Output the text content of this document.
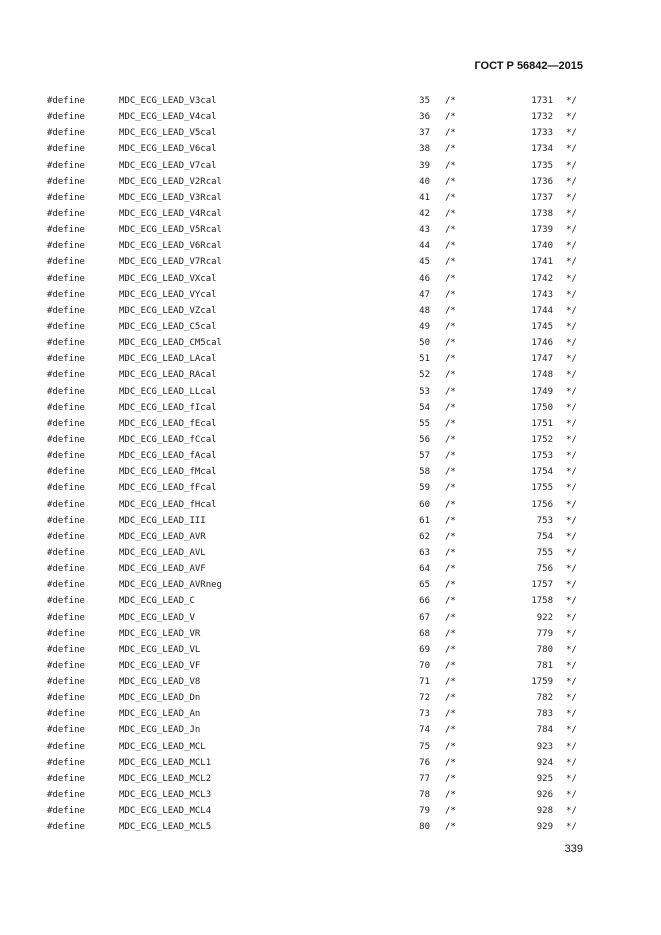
ГОСТ Р 56842—2015
#define	MDC_ECG_LEAD_V3cal	35 /*	1731 */
#define	MDC_ECG_LEAD_V4cal	36 /*	1732 */
#define	MDC_ECG_LEAD_V5cal	37 /*	1733 */
#define	MDC_ECG_LEAD_V6cal	38 /*	1734 */
#define	MDC_ECG_LEAD_V7cal	39 /*	1735 */
#define	MDC_ECG_LEAD_V2Rcal	40 /*	1736 */
#define	MDC_ECG_LEAD_V3Rcal	41 /*	1737 */
#define	MDC_ECG_LEAD_V4Rcal	42 /*	1738 */
#define	MDC_ECG_LEAD_V5Rcal	43 /*	1739 */
#define	MDC_ECG_LEAD_V6Rcal	44 /*	1740 */
#define	MDC_ECG_LEAD_V7Rcal	45 /*	1741 */
#define	MDC_ECG_LEAD_VXcal	46 /*	1742 */
#define	MDC_ECG_LEAD_VYcal	47 /*	1743 */
#define	MDC_ECG_LEAD_VZcal	48 /*	1744 */
#define	MDC_ECG_LEAD_C5cal	49 /*	1745 */
#define	MDC_ECG_LEAD_CM5cal	50 /*	1746 */
#define	MDC_ECG_LEAD_LAcal	51 /*	1747 */
#define	MDC_ECG_LEAD_RAcal	52 /*	1748 */
#define	MDC_ECG_LEAD_LLcal	53 /*	1749 */
#define	MDC_ECG_LEAD_fIcal	54 /*	1750 */
#define	MDC_ECG_LEAD_fEcal	55 /*	1751 */
#define	MDC_ECG_LEAD_fCcal	56 /*	1752 */
#define	MDC_ECG_LEAD_fAcal	57 /*	1753 */
#define	MDC_ECG_LEAD_fMcal	58 /*	1754 */
#define	MDC_ECG_LEAD_fFcal	59 /*	1755 */
#define	MDC_ECG_LEAD_fHcal	60 /*	1756 */
#define	MDC_ECG_LEAD_III	61 /*	753 */
#define	MDC_ECG_LEAD_AVR	62 /*	754 */
#define	MDC_ECG_LEAD_AVL	63 /*	755 */
#define	MDC_ECG_LEAD_AVF	64 /*	756 */
#define	MDC_ECG_LEAD_AVRneg	65 /*	1757 */
#define	MDC_ECG_LEAD_C	66 /*	1758 */
#define	MDC_ECG_LEAD_V	67 /*	922 */
#define	MDC_ECG_LEAD_VR	68 /*	779 */
#define	MDC_ECG_LEAD_VL	69 /*	780 */
#define	MDC_ECG_LEAD_VF	70 /*	781 */
#define	MDC_ECG_LEAD_V8	71 /*	1759 */
#define	MDC_ECG_LEAD_Dn	72 /*	782 */
#define	MDC_ECG_LEAD_An	73 /*	783 */
#define	MDC_ECG_LEAD_Jn	74 /*	784 */
#define	MDC_ECG_LEAD_MCL	75 /*	923 */
#define	MDC_ECG_LEAD_MCL1	76 /*	924 */
#define	MDC_ECG_LEAD_MCL2	77 /*	925 */
#define	MDC_ECG_LEAD_MCL3	78 /*	926 */
#define	MDC_ECG_LEAD_MCL4	79 /*	928 */
#define	MDC_ECG_LEAD_MCL5	80 /*	929 */
339
